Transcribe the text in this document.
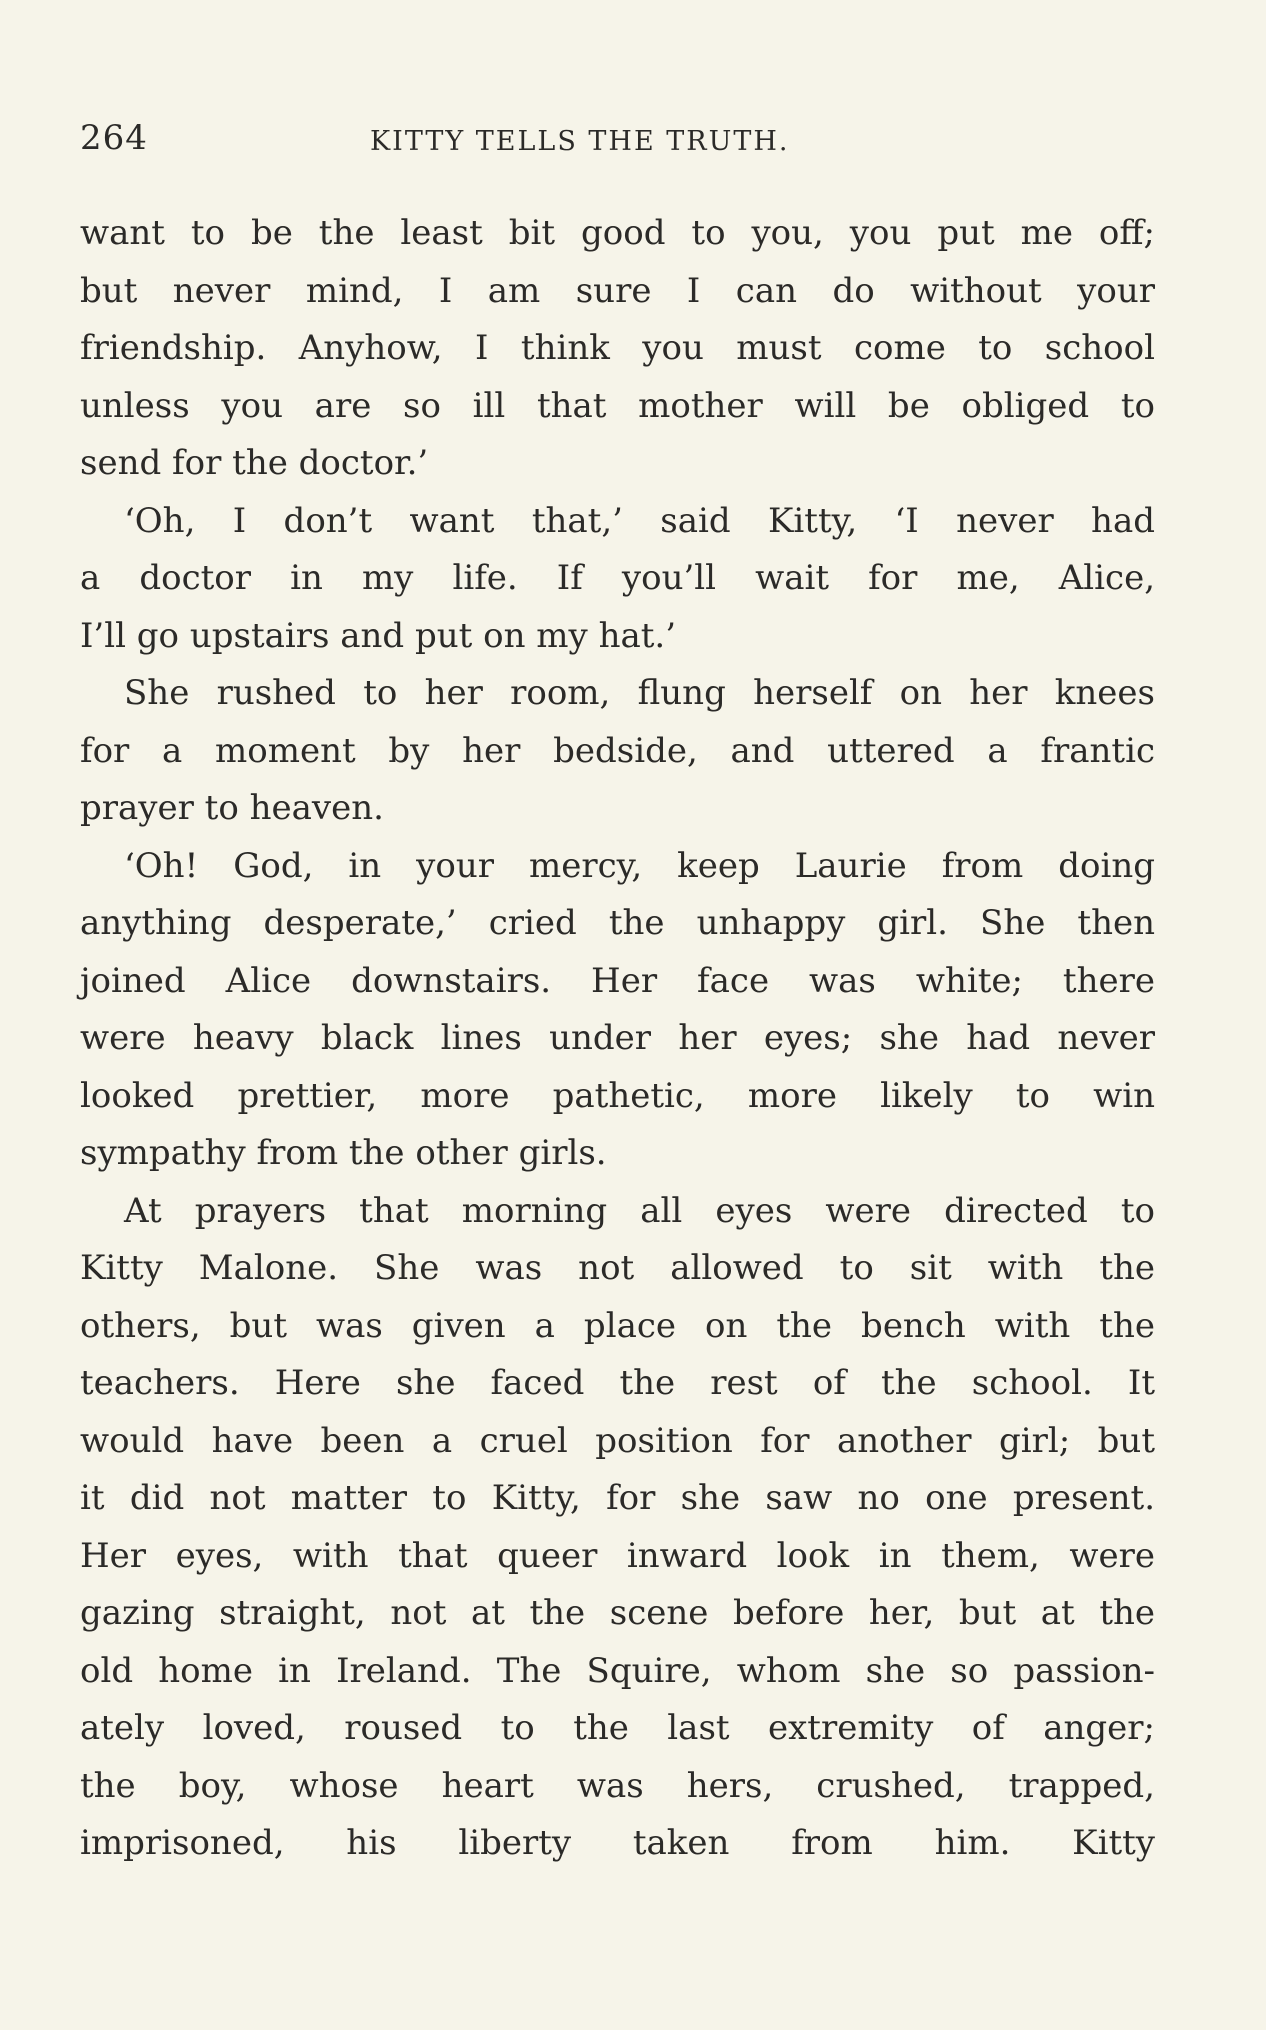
264	KITTY TELLS THE TRUTH.
want to be the least bit good to you, you put me off;
but never mind, I am sure I can do without your
friendship. Anyhow, I think you must come to school
unless you are so ill that mother will be obliged to
send for the doctor.’
‘Oh, I don’t want that,’ said Kitty, ‘I never had
a doctor in my life. If you’ll wait for me, Alice,
I’ll go upstairs and put on my hat.’
She rushed to her room, flung herself on her knees
for a moment by her bedside, and uttered a frantic
prayer to heaven.
‘Oh! God, in your mercy, keep Laurie from doing
anything desperate,’ cried the unhappy girl. She then
joined Alice downstairs. Her face was white; there
were heavy black lines under her eyes; she had never
looked prettier, more pathetic, more likely to win
sympathy from the other girls.
At prayers that morning all eyes were directed to
Kitty Malone. She was not allowed to sit with the
others, but was given a place on the bench with the
teachers. Here she faced the rest of the school. It
would have been a cruel position for another girl; but
it did not matter to Kitty, for she saw no one present.
Her eyes, with that queer inward look in them, were
gazing straight, not at the scene before her, but at the
old home in Ireland. The Squire, whom she so passion-
ately loved, roused to the last extremity of anger;
the boy, whose heart was hers, crushed, trapped,
imprisoned, his liberty taken from him. Kitty
